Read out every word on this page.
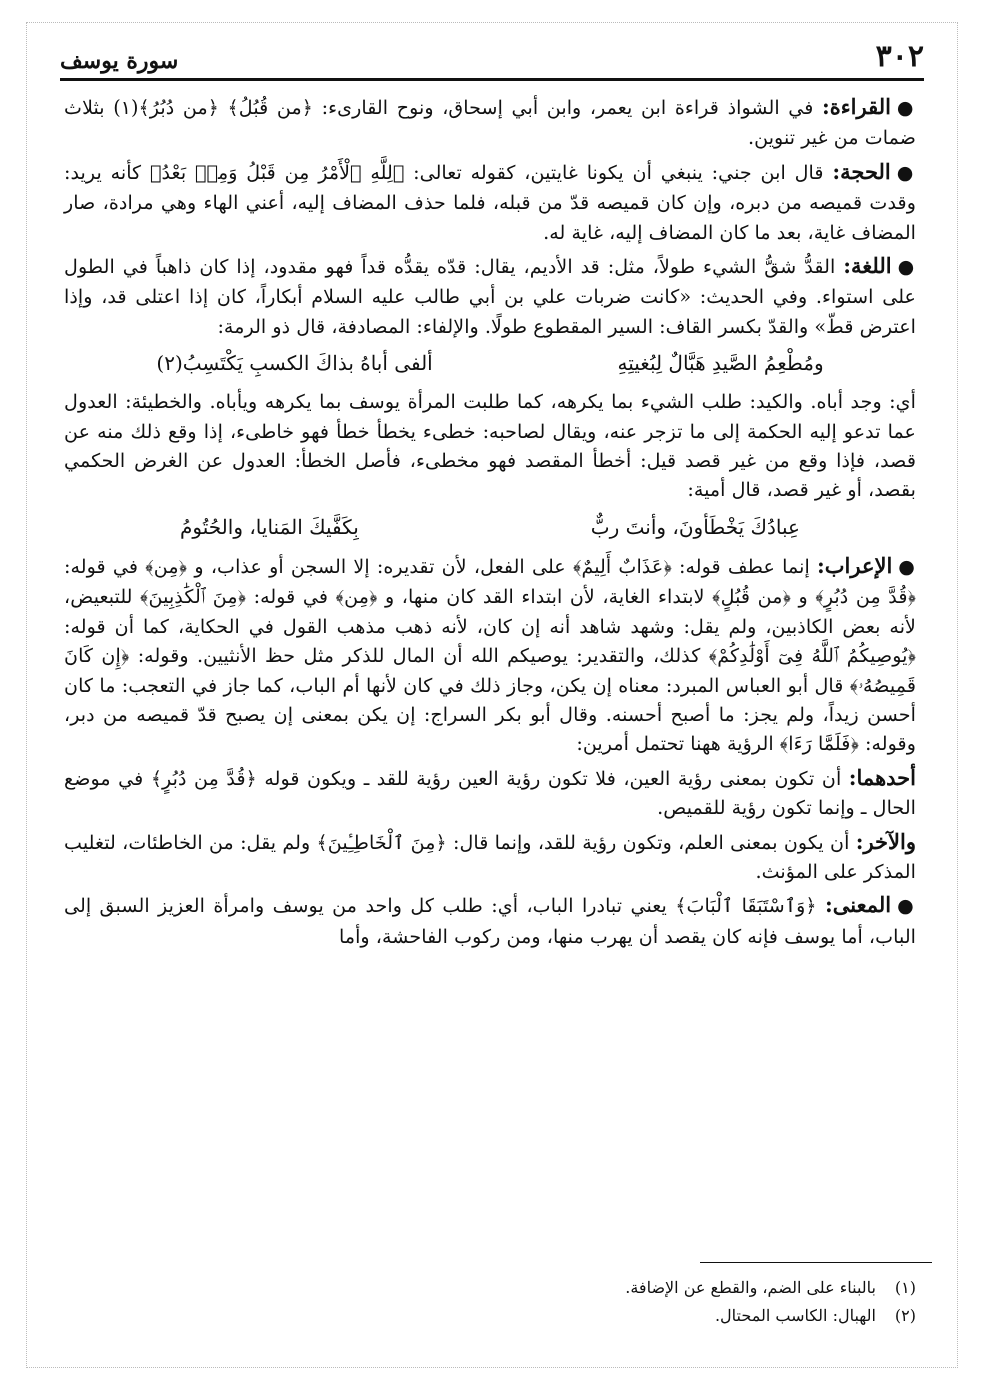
٣٠٢
سورة يوسف

●القراءة: في الشواذ قراءة ابن يعمر، وابن أبي إسحاق، ونوح القارىء: ﴿من قُبُلُ﴾ ﴿من دُبُرُ﴾(١) بثلاث ضمات من غير تنوين.

●الحجة: قال ابن جني: ينبغي أن يكونا غايتين، كقوله تعالى: ﴿لِلَّهِ ٱلْأَمْرُ مِن قَبْلُ وَمِنۢ بَعْدُ﴾ كأنه يريد: وقدت قميصه من دبره، وإن كان قميصه قدّ من قبله، فلما حذف المضاف إليه، أعني الهاء وهي مرادة، صار المضاف غاية، بعد ما كان المضاف إليه، غاية له.

●اللغة: القدُّ شقُّ الشيء طولاً، مثل: قد الأديم، يقال: قدّه يقدُّه قداً فهو مقدود، إذا كان ذاهباً في الطول على استواء. وفي الحديث: «كانت ضربات علي بن أبي طالب عليه السلام أبكاراً، كان إذا اعتلى قد، وإذا اعترض قطّ» والقدّ بكسر القاف: السير المقطوع طولًا. والإلفاء: المصادفة، قال ذو الرمة:

ومُطْعِمُ الصَّيدِ هَبَّالٌ لِبُغيتِهِ
ألفى أباهُ بذاكَ الكسبِ يَكْتَسِبُ(٢)

أي: وجد أباه. والكيد: طلب الشيء بما يكرهه، كما طلبت المرأة يوسف بما يكرهه ويأباه. والخطيئة: العدول عما تدعو إليه الحكمة إلى ما تزجر عنه، ويقال لصاحبه: خطىء يخطأ خطأ فهو خاطىء، إذا وقع ذلك منه عن قصد، فإذا وقع من غير قصد قيل: أخطأ المقصد فهو مخطىء، فأصل الخطأ: العدول عن الغرض الحكمي بقصد، أو غير قصد، قال أمية:

عِبادُكَ يَخْطَأونَ، وأنتَ ربٌّ
بِكَفَّيكَ المَنايا، والحُتُومُ

●الإعراب: إنما عطف قوله: ﴿عَذَابٌ أَلِيمٌ﴾ على الفعل، لأن تقديره: إلا السجن أو عذاب، و ﴿مِن﴾ في قوله: ﴿قُدَّ مِن دُبُرٍ﴾ و ﴿من قُبُلٍ﴾ لابتداء الغاية، لأن ابتداء القد كان منها، و ﴿مِن﴾ في قوله: ﴿مِنَ ٱلْكَٰذِبِينَ﴾ للتبعيض، لأنه بعض الكاذبين، ولم يقل: وشهد شاهد أنه إن كان، لأنه ذهب مذهب القول في الحكاية، كما أن قوله: ﴿يُوصِيكُمُ ٱللَّهُ فِىٓ أَوْلَٰدِكُمْ﴾ كذلك، والتقدير: يوصيكم الله أن المال للذكر مثل حظ الأنثيين. وقوله: ﴿إِن كَانَ قَمِيصُهُۥ﴾ قال أبو العباس المبرد: معناه إن يكن، وجاز ذلك في كان لأنها أم الباب، كما جاز في التعجب: ما كان أحسن زيداً، ولم يجز: ما أصبح أحسنه. وقال أبو بكر السراج: إن يكن بمعنى إن يصبح قدّ قميصه من دبر، وقوله: ﴿فَلَمَّا رَءَا﴾ الرؤية ههنا تحتمل أمرين:

أحدهما: أن تكون بمعنى رؤية العين، فلا تكون رؤية العين رؤية للقد ـ ويكون قوله ﴿قُدَّ مِن دُبُرٍ﴾ في موضع الحال ـ وإنما تكون رؤية للقميص.

والآخر: أن يكون بمعنى العلم، وتكون رؤية للقد، وإنما قال: ﴿مِنَ ٱلْخَاطِـِٔينَ﴾ ولم يقل: من الخاطئات، لتغليب المذكر على المؤنث.

●المعنى: ﴿وَٱسْتَبَقَا ٱلْبَابَ﴾ يعني تبادرا الباب، أي: طلب كل واحد من يوسف وامرأة العزيز السبق إلى الباب، أما يوسف فإنه كان يقصد أن يهرب منها، ومن ركوب الفاحشة، وأما

(١)بالبناء على الضم، والقطع عن الإضافة.
(٢)الهبال: الكاسب المحتال.
